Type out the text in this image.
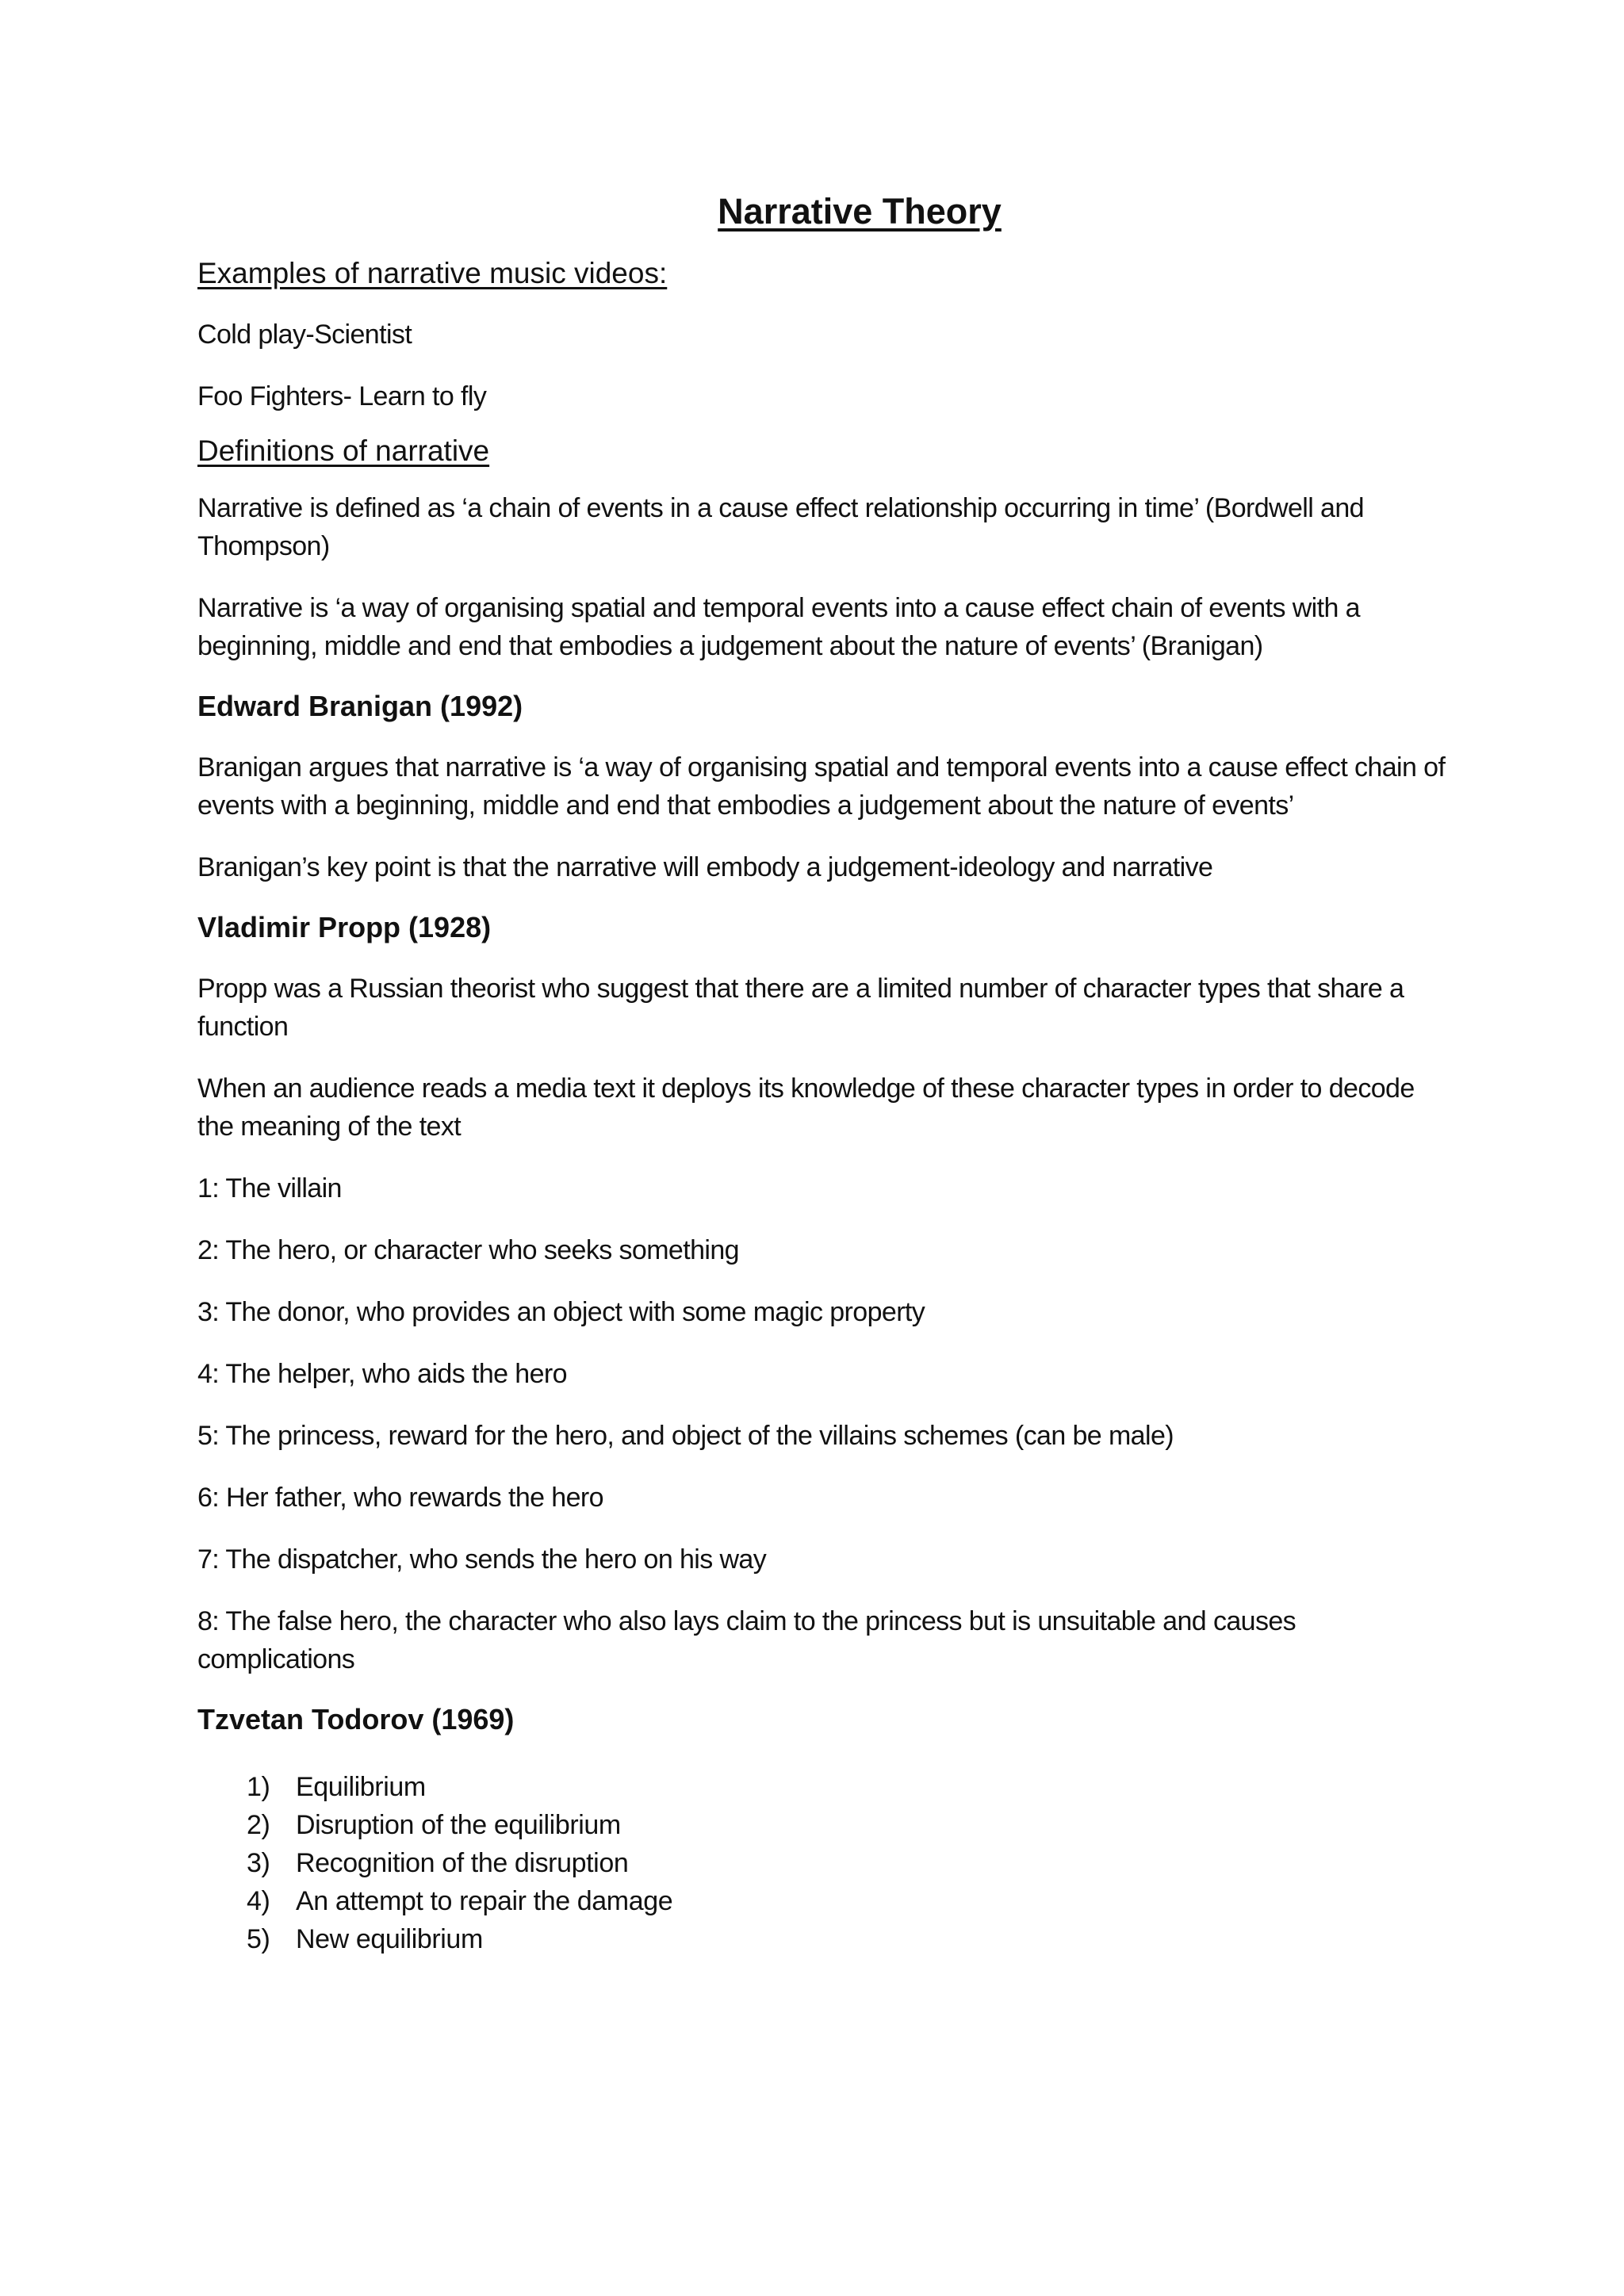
Narrative Theory
Examples of narrative music videos:
Cold play-Scientist
Foo Fighters- Learn to fly
Definitions of narrative
Narrative is defined as ‘a chain of events in a cause effect relationship occurring in time’ (Bordwell and Thompson)
Narrative is ‘a way of organising spatial and temporal events into a cause effect chain of events with a beginning, middle and end that embodies a judgement about the nature of events’ (Branigan)
Edward Branigan (1992)
Branigan argues that narrative is ‘a way of organising spatial and temporal events into a cause effect chain of events with a beginning, middle and end that embodies a judgement about the nature of events’
Branigan’s key point is that the narrative will embody a judgement-ideology and narrative
Vladimir Propp (1928)
Propp was a Russian theorist who suggest that there are a limited number of character types that share a function
When an audience reads a media text it deploys its knowledge of these character types in order to decode the meaning of the text
1: The villain
2: The hero, or character who seeks something
3: The donor, who provides an object with some magic property
4: The helper, who aids the hero
5: The princess, reward for the hero, and object of the villains schemes (can be male)
6: Her father, who rewards the hero
7: The dispatcher, who sends the hero on his way
8: The false hero, the character who also lays claim to the princess but is unsuitable and causes complications
Tzvetan Todorov (1969)
1) Equilibrium
2) Disruption of the equilibrium
3) Recognition of the disruption
4) An attempt to repair the damage
5) New equilibrium
